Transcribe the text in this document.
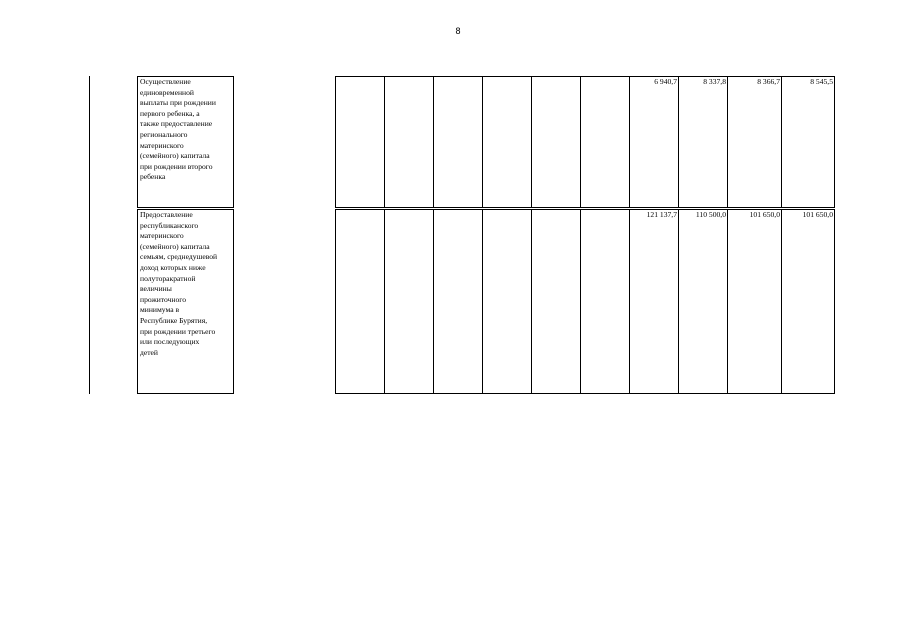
8
Осуществление
единовременной
выплаты при рождении
первого ребенка, а
также предоставление
регионального
материнского
(семейного) капитала
при рождении второго
ребенка
6 940,7	8 337,8	8 366,7	8 545,5
Предоставление
республиканского
материнского
(семейного) капитала
семьям, среднедушевой
доход которых ниже
полуторакратной
величины
прожиточного
минимума в
Республике Бурятия,
при рождении третьего
или последующих
детей
121 137,7	110 500,0	101 650,0	101 650,0
